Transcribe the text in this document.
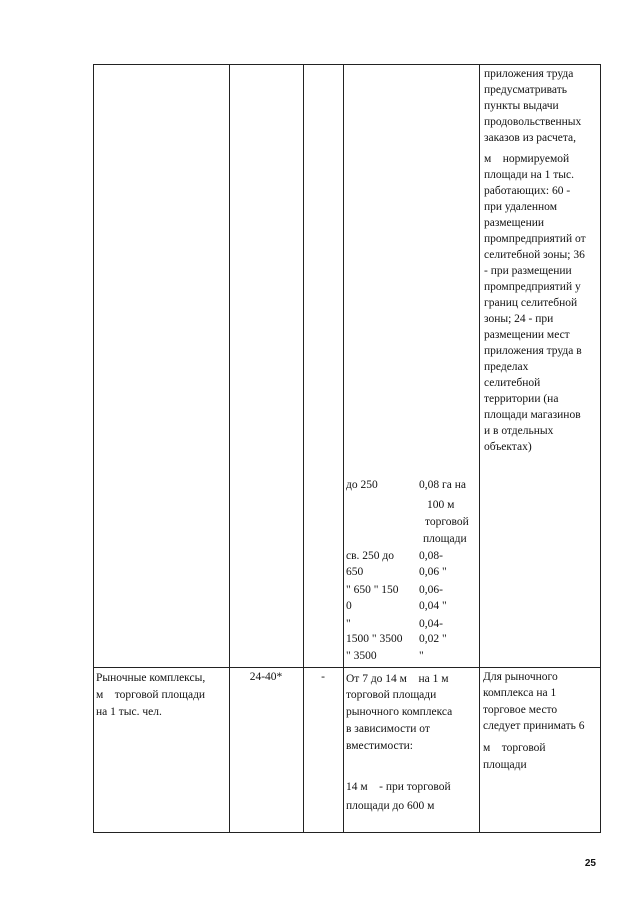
приложения труда
предусматривать
пункты выдачи
продовольственных
заказов из расчета,
м    нормируемой
площади на 1 тыс.
работающих: 60 -
при удаленном
размещении
промпредприятий от
селитебной зоны; 36
- при размещении
промпредприятий у
границ селитебной
зоны; 24 - при
размещении мест
приложения труда в
пределах
селитебной
территории (на
площади магазинов
и в отдельных
объектах)
до 250
св. 250 до
650
" 650 " 150
0
"
1500 " 3500
" 3500
0,08 га на
100 м
торговой
площади
0,08-
0,06 "
0,06-
0,04 "
0,04-
0,02 "
"
Рыночные комплексы,
м    торговой площади
на 1 тыс. чел.
24-40*	-	От 7 до 14 м    на 1 м
торговой площади
рыночного комплекса
в зависимости от
вместимости:
14 м    - при торговой
площади до 600 м
Для рыночного
комплекса на 1
торговое место
следует принимать 6
м    торговой
площади
25
